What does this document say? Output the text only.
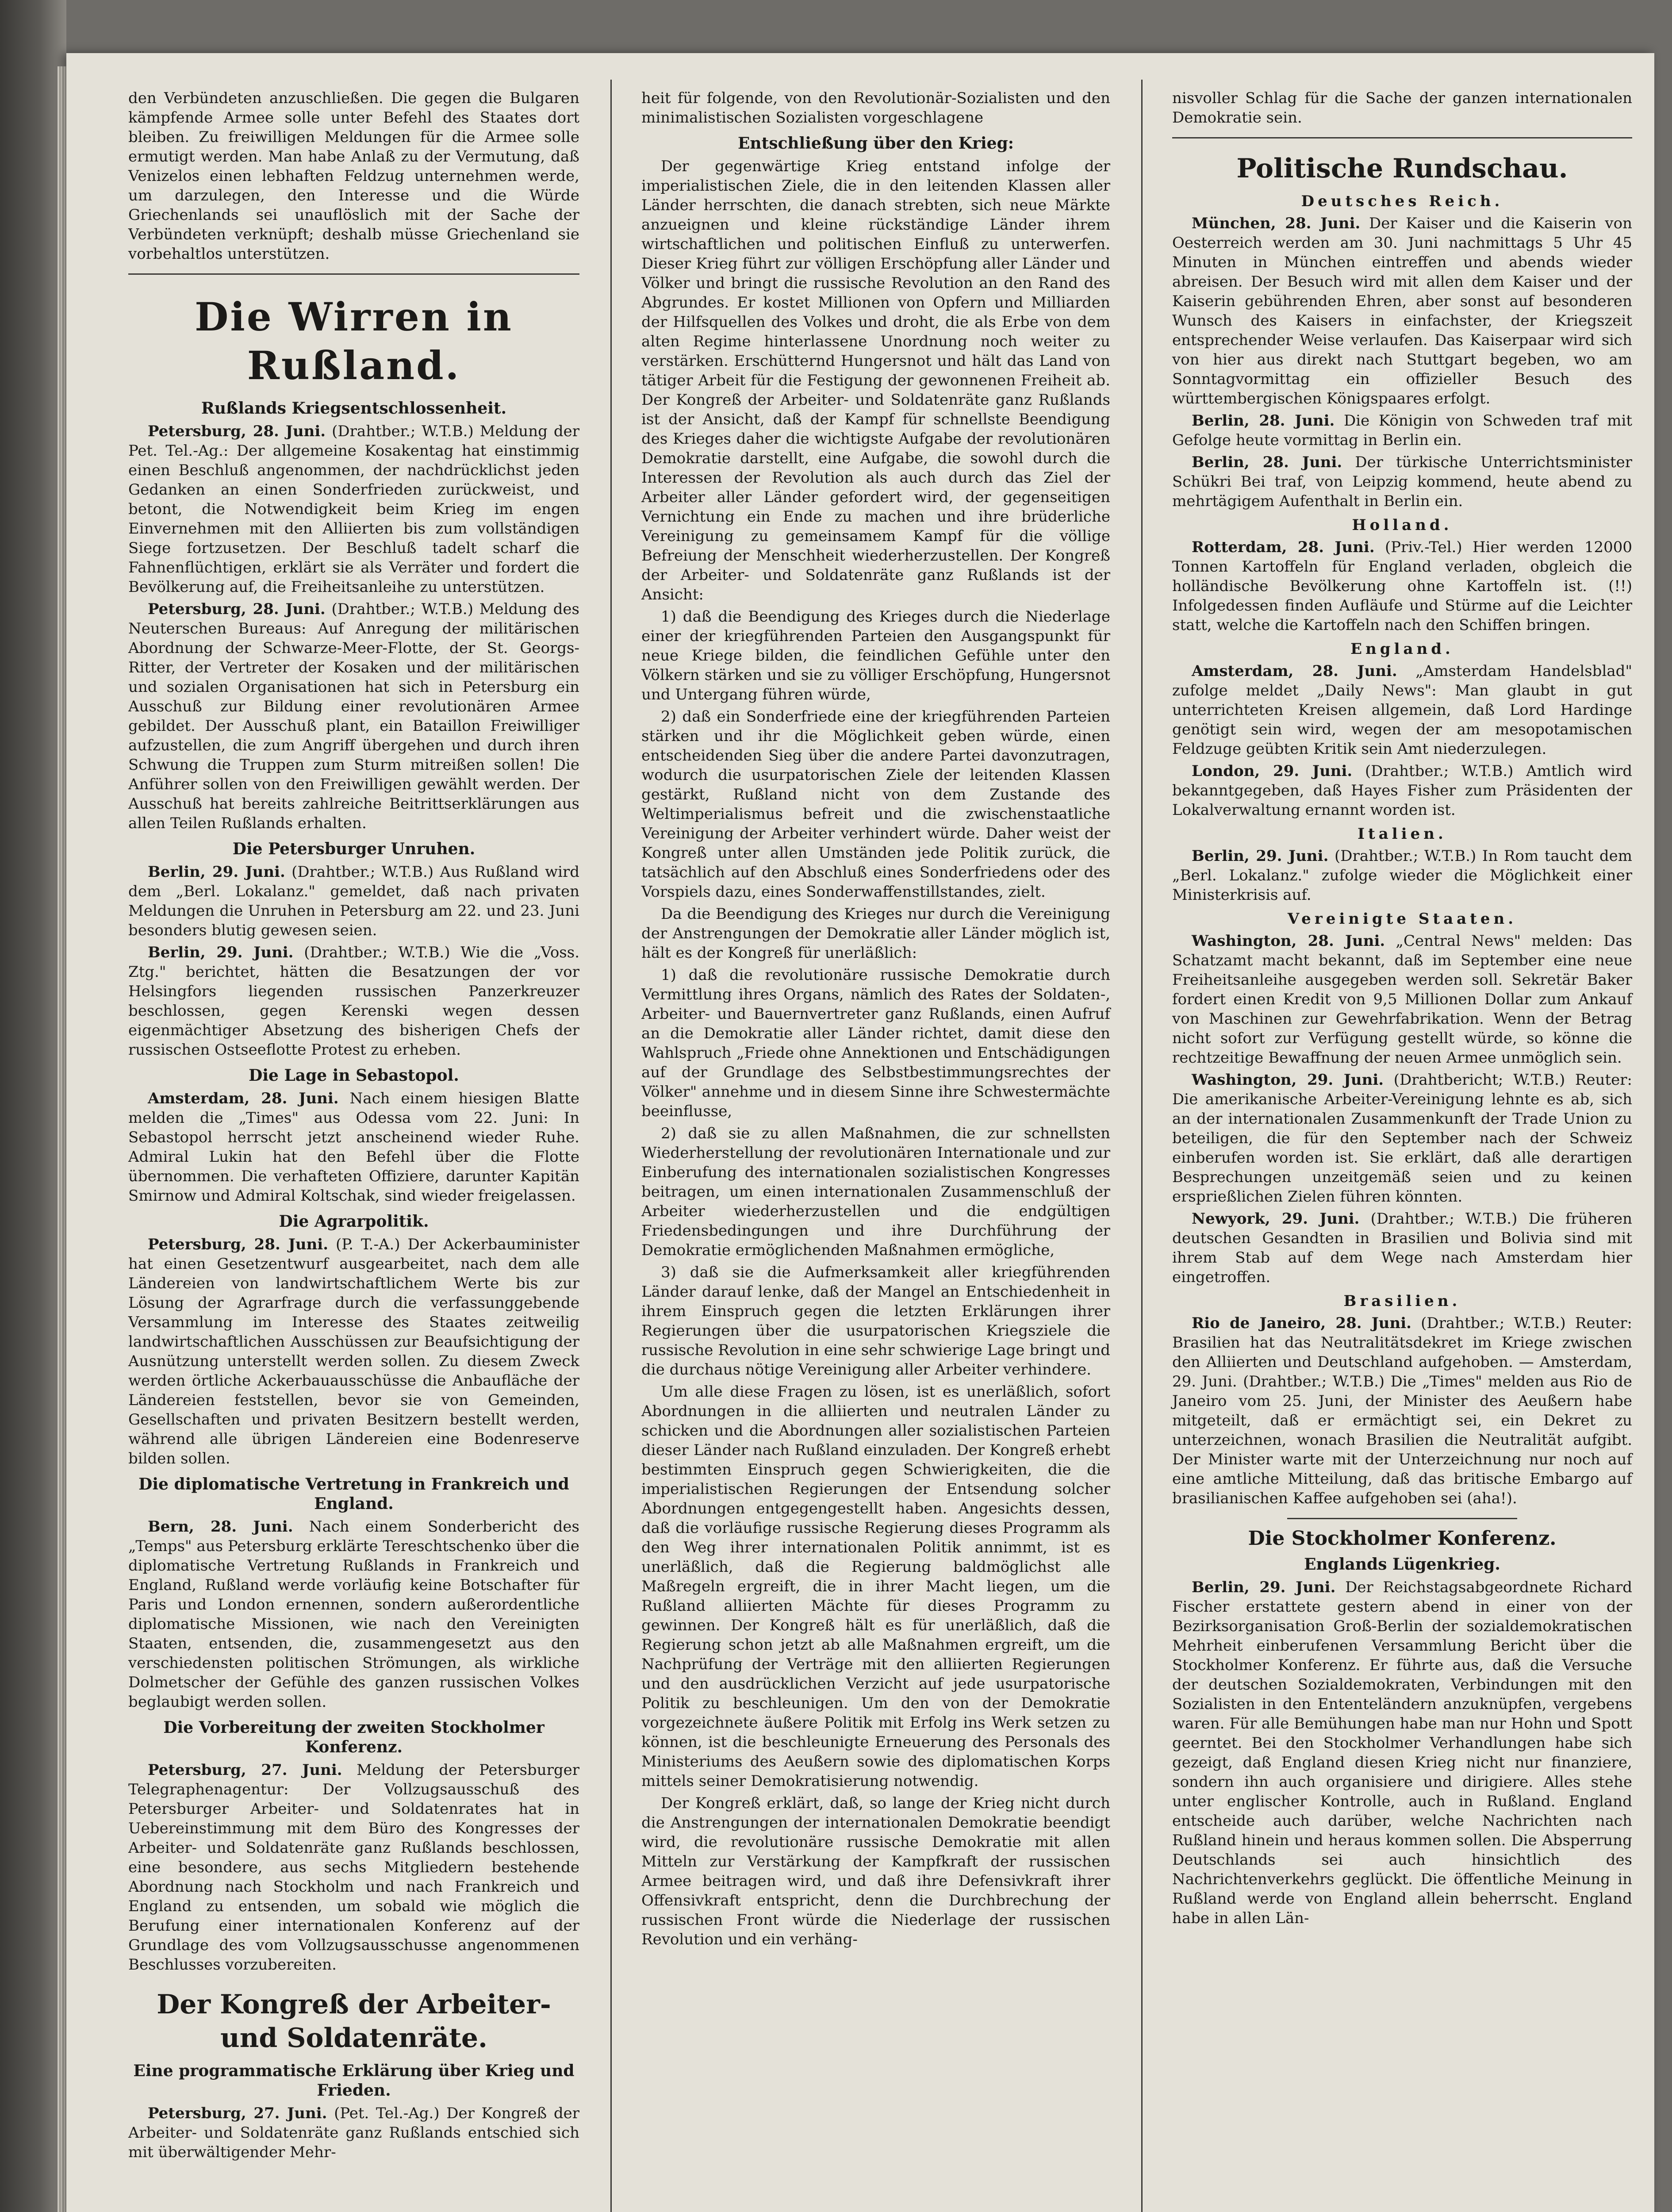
den Verbündeten anzuschließen. Die gegen die Bulgaren kämpfende Armee solle unter Befehl des Staates dort bleiben. Zu freiwilligen Meldungen für die Armee solle ermutigt werden. Man habe Anlaß zu der Vermutung, daß Venizelos einen lebhaften Feldzug unternehmen werde, um darzulegen, den Interesse und die Würde Griechenlands sei unauflöslich mit der Sache der Verbündeten verknüpft; deshalb müsse Griechenland sie vorbehaltlos unterstützen.

Die Wirren in Rußland.
Rußlands Kriegsentschlossenheit.

Petersburg, 28. Juni. (Drahtber.; W.T.B.) Meldung der Pet. Tel.-Ag.: Der allgemeine Kosakentag hat einstimmig einen Beschluß angenommen, der nachdrücklichst jeden Gedanken an einen Sonderfrieden zurückweist, und betont, die Notwendigkeit beim Krieg im engen Einvernehmen mit den Alliierten bis zum vollständigen Siege fortzusetzen. Der Beschluß tadelt scharf die Fahnenflüchtigen, erklärt sie als Verräter und fordert die Bevölkerung auf, die Freiheitsanleihe zu unterstützen.

Petersburg, 28. Juni. (Drahtber.; W.T.B.) Meldung des Neuterschen Bureaus: Auf Anregung der militärischen Abordnung der Schwarze-Meer-Flotte, der St. Georgs-Ritter, der Vertreter der Kosaken und der militärischen und sozialen Organisationen hat sich in Petersburg ein Ausschuß zur Bildung einer revolutionären Armee gebildet. Der Ausschuß plant, ein Bataillon Freiwilliger aufzustellen, die zum Angriff übergehen und durch ihren Schwung die Truppen zum Sturm mitreißen sollen! Die Anführer sollen von den Freiwilligen gewählt werden. Der Ausschuß hat bereits zahlreiche Beitrittserklärungen aus allen Teilen Rußlands erhalten.

Die Petersburger Unruhen.

Berlin, 29. Juni. (Drahtber.; W.T.B.) Aus Rußland wird dem „Berl. Lokalanz." gemeldet, daß nach privaten Meldungen die Unruhen in Petersburg am 22. und 23. Juni besonders blutig gewesen seien.

Berlin, 29. Juni. (Drahtber.; W.T.B.) Wie die „Voss. Ztg." berichtet, hätten die Besatzungen der vor Helsingfors liegenden russischen Panzerkreuzer beschlossen, gegen Kerenski wegen dessen eigenmächtiger Absetzung des bisherigen Chefs der russischen Ostseeflotte Protest zu erheben.

Die Lage in Sebastopol.

Amsterdam, 28. Juni. Nach einem hiesigen Blatte melden die „Times" aus Odessa vom 22. Juni: In Sebastopol herrscht jetzt anscheinend wieder Ruhe. Admiral Lukin hat den Befehl über die Flotte übernommen. Die verhafteten Offiziere, darunter Kapitän Smirnow und Admiral Koltschak, sind wieder freigelassen.

Die Agrarpolitik.

Petersburg, 28. Juni. (P. T.-A.) Der Ackerbauminister hat einen Gesetzentwurf ausgearbeitet, nach dem alle Ländereien von landwirtschaftlichem Werte bis zur Lösung der Agrarfrage durch die verfassunggebende Versammlung im Interesse des Staates zeitweilig landwirtschaftlichen Ausschüssen zur Beaufsichtigung der Ausnützung unterstellt werden sollen. Zu diesem Zweck werden örtliche Ackerbauausschüsse die Anbaufläche der Ländereien feststellen, bevor sie von Gemeinden, Gesellschaften und privaten Besitzern bestellt werden, während alle übrigen Ländereien eine Bodenreserve bilden sollen.

Die diplomatische Vertretung in Frankreich und England.

Bern, 28. Juni. Nach einem Sonderbericht des „Temps" aus Petersburg erklärte Tereschtschenko über die diplomatische Vertretung Rußlands in Frankreich und England, Rußland werde vorläufig keine Botschafter für Paris und London ernennen, sondern außerordentliche diplomatische Missionen, wie nach den Vereinigten Staaten, entsenden, die, zusammengesetzt aus den verschiedensten politischen Strömungen, als wirkliche Dolmetscher der Gefühle des ganzen russischen Volkes beglaubigt werden sollen.

Die Vorbereitung der zweiten Stockholmer Konferenz.

Petersburg, 27. Juni. Meldung der Petersburger Telegraphenagentur: Der Vollzugsausschuß des Petersburger Arbeiter- und Soldatenrates hat in Uebereinstimmung mit dem Büro des Kongresses der Arbeiter- und Soldatenräte ganz Rußlands beschlossen, eine besondere, aus sechs Mitgliedern bestehende Abordnung nach Stockholm und nach Frankreich und England zu entsenden, um sobald wie möglich die Berufung einer internationalen Konferenz auf der Grundlage des vom Vollzugsausschusse angenommenen Beschlusses vorzubereiten.

Der Kongreß der Arbeiter- und Soldatenräte.
Eine programmatische Erklärung über Krieg und Frieden.

Petersburg, 27. Juni. (Pet. Tel.-Ag.) Der Kongreß der Arbeiter- und Soldatenräte ganz Rußlands entschied sich mit überwältigender Mehr-

heit für folgende, von den Revolutionär-Sozialisten und den minimalistischen Sozialisten vorgeschlagene

Entschließung über den Krieg:

Der gegenwärtige Krieg entstand infolge der imperialistischen Ziele, die in den leitenden Klassen aller Länder herrschten, die danach strebten, sich neue Märkte anzueignen und kleine rückständige Länder ihrem wirtschaftlichen und politischen Einfluß zu unterwerfen. Dieser Krieg führt zur völligen Erschöpfung aller Länder und Völker und bringt die russische Revolution an den Rand des Abgrundes. Er kostet Millionen von Opfern und Milliarden der Hilfsquellen des Volkes und droht, die als Erbe von dem alten Regime hinterlassene Unordnung noch weiter zu verstärken. Erschütternd Hungersnot und hält das Land von tätiger Arbeit für die Festigung der gewonnenen Freiheit ab. Der Kongreß der Arbeiter- und Soldatenräte ganz Rußlands ist der Ansicht, daß der Kampf für schnellste Beendigung des Krieges daher die wichtigste Aufgabe der revolutionären Demokratie darstellt, eine Aufgabe, die sowohl durch die Interessen der Revolution als auch durch das Ziel der Arbeiter aller Länder gefordert wird, der gegenseitigen Vernichtung ein Ende zu machen und ihre brüderliche Vereinigung zu gemeinsamem Kampf für die völlige Befreiung der Menschheit wiederherzustellen. Der Kongreß der Arbeiter- und Soldatenräte ganz Rußlands ist der Ansicht:

1) daß die Beendigung des Krieges durch die Niederlage einer der kriegführenden Parteien den Ausgangspunkt für neue Kriege bilden, die feindlichen Gefühle unter den Völkern stärken und sie zu völliger Erschöpfung, Hungersnot und Untergang führen würde,

2) daß ein Sonderfriede eine der kriegführenden Parteien stärken und ihr die Möglichkeit geben würde, einen entscheidenden Sieg über die andere Partei davonzutragen, wodurch die usurpatorischen Ziele der leitenden Klassen gestärkt, Rußland nicht von dem Zustande des Weltimperialismus befreit und die zwischenstaatliche Vereinigung der Arbeiter verhindert würde. Daher weist der Kongreß unter allen Umständen jede Politik zurück, die tatsächlich auf den Abschluß eines Sonderfriedens oder des Vorspiels dazu, eines Sonderwaffenstillstandes, zielt.

Da die Beendigung des Krieges nur durch die Vereinigung der Anstrengungen der Demokratie aller Länder möglich ist, hält es der Kongreß für unerläßlich:

1) daß die revolutionäre russische Demokratie durch Vermittlung ihres Organs, nämlich des Rates der Soldaten-, Arbeiter- und Bauernvertreter ganz Rußlands, einen Aufruf an die Demokratie aller Länder richtet, damit diese den Wahlspruch „Friede ohne Annektionen und Entschädigungen auf der Grundlage des Selbstbestimmungsrechtes der Völker" annehme und in diesem Sinne ihre Schwestermächte beeinflusse,

2) daß sie zu allen Maßnahmen, die zur schnellsten Wiederherstellung der revolutionären Internationale und zur Einberufung des internationalen sozialistischen Kongresses beitragen, um einen internationalen Zusammenschluß der Arbeiter wiederherzustellen und die endgültigen Friedensbedingungen und ihre Durchführung der Demokratie ermöglichenden Maßnahmen ermögliche,

3) daß sie die Aufmerksamkeit aller kriegführenden Länder darauf lenke, daß der Mangel an Entschiedenheit in ihrem Einspruch gegen die letzten Erklärungen ihrer Regierungen über die usurpatorischen Kriegsziele die russische Revolution in eine sehr schwierige Lage bringt und die durchaus nötige Vereinigung aller Arbeiter verhindere.

Um alle diese Fragen zu lösen, ist es unerläßlich, sofort Abordnungen in die alliierten und neutralen Länder zu schicken und die Abordnungen aller sozialistischen Parteien dieser Länder nach Rußland einzuladen. Der Kongreß erhebt bestimmten Einspruch gegen Schwierigkeiten, die die imperialistischen Regierungen der Entsendung solcher Abordnungen entgegengestellt haben. Angesichts dessen, daß die vorläufige russische Regierung dieses Programm als den Weg ihrer internationalen Politik annimmt, ist es unerläßlich, daß die Regierung baldmöglichst alle Maßregeln ergreift, die in ihrer Macht liegen, um die Rußland alliierten Mächte für dieses Programm zu gewinnen. Der Kongreß hält es für unerläßlich, daß die Regierung schon jetzt ab alle Maßnahmen ergreift, um die Nachprüfung der Verträge mit den alliierten Regierungen und den ausdrücklichen Verzicht auf jede usurpatorische Politik zu beschleunigen. Um den von der Demokratie vorgezeichnete äußere Politik mit Erfolg ins Werk setzen zu können, ist die beschleunigte Erneuerung des Personals des Ministeriums des Aeußern sowie des diplomatischen Korps mittels seiner Demokratisierung notwendig.

Der Kongreß erklärt, daß, so lange der Krieg nicht durch die Anstrengungen der internationalen Demokratie beendigt wird, die revolutionäre russische Demokratie mit allen Mitteln zur Verstärkung der Kampfkraft der russischen Armee beitragen wird, und daß ihre Defensivkraft ihrer Offensivkraft entspricht, denn die Durchbrechung der russischen Front würde die Niederlage der russischen Revolution und ein verhäng-

nisvoller Schlag für die Sache der ganzen internationalen Demokratie sein.

Politische Rundschau.
Deutsches Reich.

München, 28. Juni. Der Kaiser und die Kaiserin von Oesterreich werden am 30. Juni nachmittags 5 Uhr 45 Minuten in München eintreffen und abends wieder abreisen. Der Besuch wird mit allen dem Kaiser und der Kaiserin gebührenden Ehren, aber sonst auf besonderen Wunsch des Kaisers in einfachster, der Kriegszeit entsprechender Weise verlaufen. Das Kaiserpaar wird sich von hier aus direkt nach Stuttgart begeben, wo am Sonntagvormittag ein offizieller Besuch des württembergischen Königspaares erfolgt.

Berlin, 28. Juni. Die Königin von Schweden traf mit Gefolge heute vormittag in Berlin ein.

Berlin, 28. Juni. Der türkische Unterrichtsminister Schükri Bei traf, von Leipzig kommend, heute abend zu mehrtägigem Aufenthalt in Berlin ein.

Holland.

Rotterdam, 28. Juni. (Priv.-Tel.) Hier werden 12000 Tonnen Kartoffeln für England verladen, obgleich die holländische Bevölkerung ohne Kartoffeln ist. (!!) Infolgedessen finden Aufläufe und Stürme auf die Leichter statt, welche die Kartoffeln nach den Schiffen bringen.

England.

Amsterdam, 28. Juni. „Amsterdam Handelsblad" zufolge meldet „Daily News": Man glaubt in gut unterrichteten Kreisen allgemein, daß Lord Hardinge genötigt sein wird, wegen der am mesopotamischen Feldzuge geübten Kritik sein Amt niederzulegen.

London, 29. Juni. (Drahtber.; W.T.B.) Amtlich wird bekanntgegeben, daß Hayes Fisher zum Präsidenten der Lokalverwaltung ernannt worden ist.

Italien.

Berlin, 29. Juni. (Drahtber.; W.T.B.) In Rom taucht dem „Berl. Lokalanz." zufolge wieder die Möglichkeit einer Ministerkrisis auf.

Vereinigte Staaten.

Washington, 28. Juni. „Central News" melden: Das Schatzamt macht bekannt, daß im September eine neue Freiheitsanleihe ausgegeben werden soll. Sekretär Baker fordert einen Kredit von 9,5 Millionen Dollar zum Ankauf von Maschinen zur Gewehrfabrikation. Wenn der Betrag nicht sofort zur Verfügung gestellt würde, so könne die rechtzeitige Bewaffnung der neuen Armee unmöglich sein.

Washington, 29. Juni. (Drahtbericht; W.T.B.) Reuter: Die amerikanische Arbeiter-Vereinigung lehnte es ab, sich an der internationalen Zusammenkunft der Trade Union zu beteiligen, die für den September nach der Schweiz einberufen worden ist. Sie erklärt, daß alle derartigen Besprechungen unzeitgemäß seien und zu keinen ersprießlichen Zielen führen könnten.

Newyork, 29. Juni. (Drahtber.; W.T.B.) Die früheren deutschen Gesandten in Brasilien und Bolivia sind mit ihrem Stab auf dem Wege nach Amsterdam hier eingetroffen.

Brasilien.

Rio de Janeiro, 28. Juni. (Drahtber.; W.T.B.) Reuter: Brasilien hat das Neutralitätsdekret im Kriege zwischen den Alliierten und Deutschland aufgehoben. — Amsterdam, 29. Juni. (Drahtber.; W.T.B.) Die „Times" melden aus Rio de Janeiro vom 25. Juni, der Minister des Aeußern habe mitgeteilt, daß er ermächtigt sei, ein Dekret zu unterzeichnen, wonach Brasilien die Neutralität aufgibt. Der Minister warte mit der Unterzeichnung nur noch auf eine amtliche Mitteilung, daß das britische Embargo auf brasilianischen Kaffee aufgehoben sei (aha!).

Die Stockholmer Konferenz.
Englands Lügenkrieg.

Berlin, 29. Juni. Der Reichstagsabgeordnete Richard Fischer erstattete gestern abend in einer von der Bezirksorganisation Groß-Berlin der sozialdemokratischen Mehrheit einberufenen Versammlung Bericht über die Stockholmer Konferenz. Er führte aus, daß die Versuche der deutschen Sozialdemokraten, Verbindungen mit den Sozialisten in den Ententeländern anzuknüpfen, vergebens waren. Für alle Bemühungen habe man nur Hohn und Spott geerntet. Bei den Stockholmer Verhandlungen habe sich gezeigt, daß England diesen Krieg nicht nur finanziere, sondern ihn auch organisiere und dirigiere. Alles stehe unter englischer Kontrolle, auch in Rußland. England entscheide auch darüber, welche Nachrichten nach Rußland hinein und heraus kommen sollen. Die Absperrung Deutschlands sei auch hinsichtlich des Nachrichtenverkehrs geglückt. Die öffentliche Meinung in Rußland werde von England allein beherrscht. England habe in allen Län-
